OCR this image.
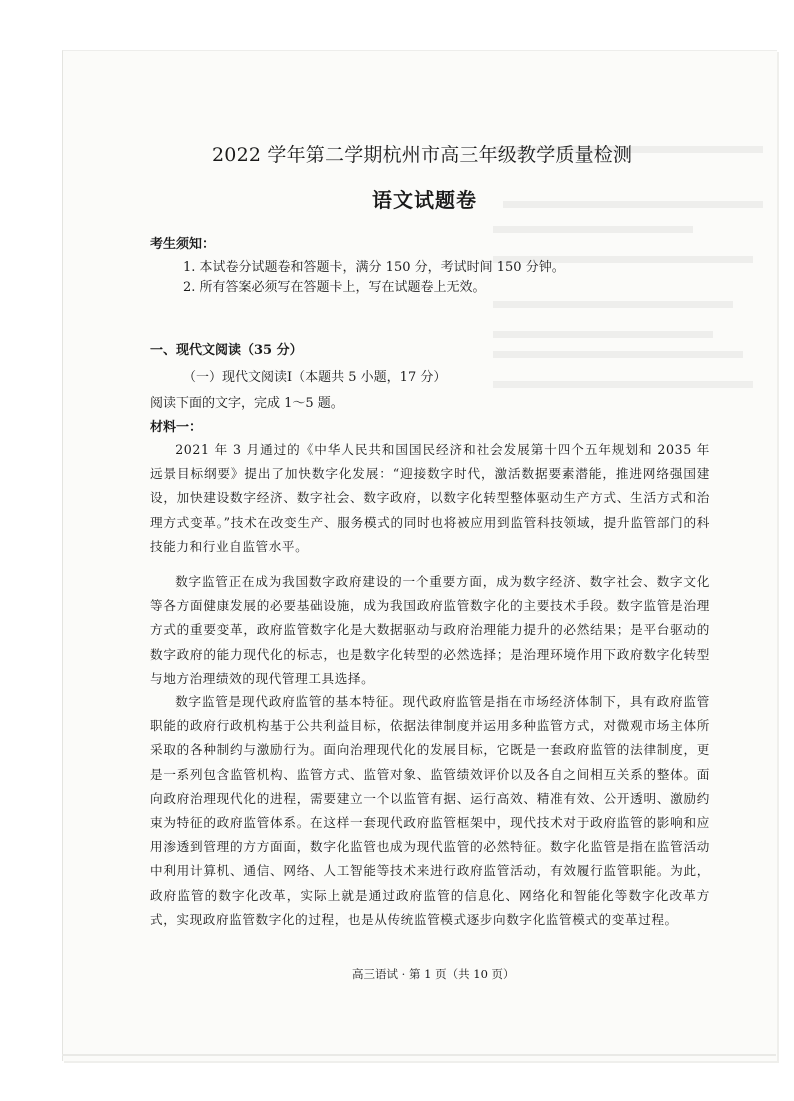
2022 学年第二学期杭州市高三年级教学质量检测
语文试题卷
考生须知：
1. 本试卷分试题卷和答题卡，满分 150 分，考试时间 150 分钟。
2. 所有答案必须写在答题卡上，写在试题卷上无效。
一、现代文阅读（35 分）
（一）现代文阅读Ⅰ（本题共 5 小题，17 分）
阅读下面的文字，完成 1～5 题。
材料一：

2021 年 3 月通过的《中华人民共和国国民经济和社会发展第十四个五年规划和 2035 年远景目标纲要》提出了加快数字化发展：“迎接数字时代，激活数据要素潜能，推进网络强国建设，加快建设数字经济、数字社会、数字政府，以数字化转型整体驱动生产方式、生活方式和治理方式变革。”技术在改变生产、服务模式的同时也将被应用到监管科技领域，提升监管部门的科技能力和行业自监管水平。

数字监管正在成为我国数字政府建设的一个重要方面，成为数字经济、数字社会、数字文化等各方面健康发展的必要基础设施，成为我国政府监管数字化的主要技术手段。数字监管是治理方式的重要变革，政府监管数字化是大数据驱动与政府治理能力提升的必然结果；是平台驱动的数字政府的能力现代化的标志，也是数字化转型的必然选择；是治理环境作用下政府数字化转型与地方治理绩效的现代管理工具选择。

数字监管是现代政府监管的基本特征。现代政府监管是指在市场经济体制下，具有政府监管职能的政府行政机构基于公共利益目标，依据法律制度并运用多种监管方式，对微观市场主体所采取的各种制约与激励行为。面向治理现代化的发展目标，它既是一套政府监管的法律制度，更是一系列包含监管机构、监管方式、监管对象、监管绩效评价以及各自之间相互关系的整体。面向政府治理现代化的进程，需要建立一个以监管有据、运行高效、精准有效、公开透明、激励约束为特征的政府监管体系。在这样一套现代政府监管框架中，现代技术对于政府监管的影响和应用渗透到管理的方方面面，数字化监管也成为现代监管的必然特征。数字化监管是指在监管活动中利用计算机、通信、网络、人工智能等技术来进行政府监管活动，有效履行监管职能。为此，政府监管的数字化改革，实际上就是通过政府监管的信息化、网络化和智能化等数字化改革方式，实现政府监管数字化的过程，也是从传统监管模式逐步向数字化监管模式的变革过程。

高三语试 · 第 1 页（共 10 页）
